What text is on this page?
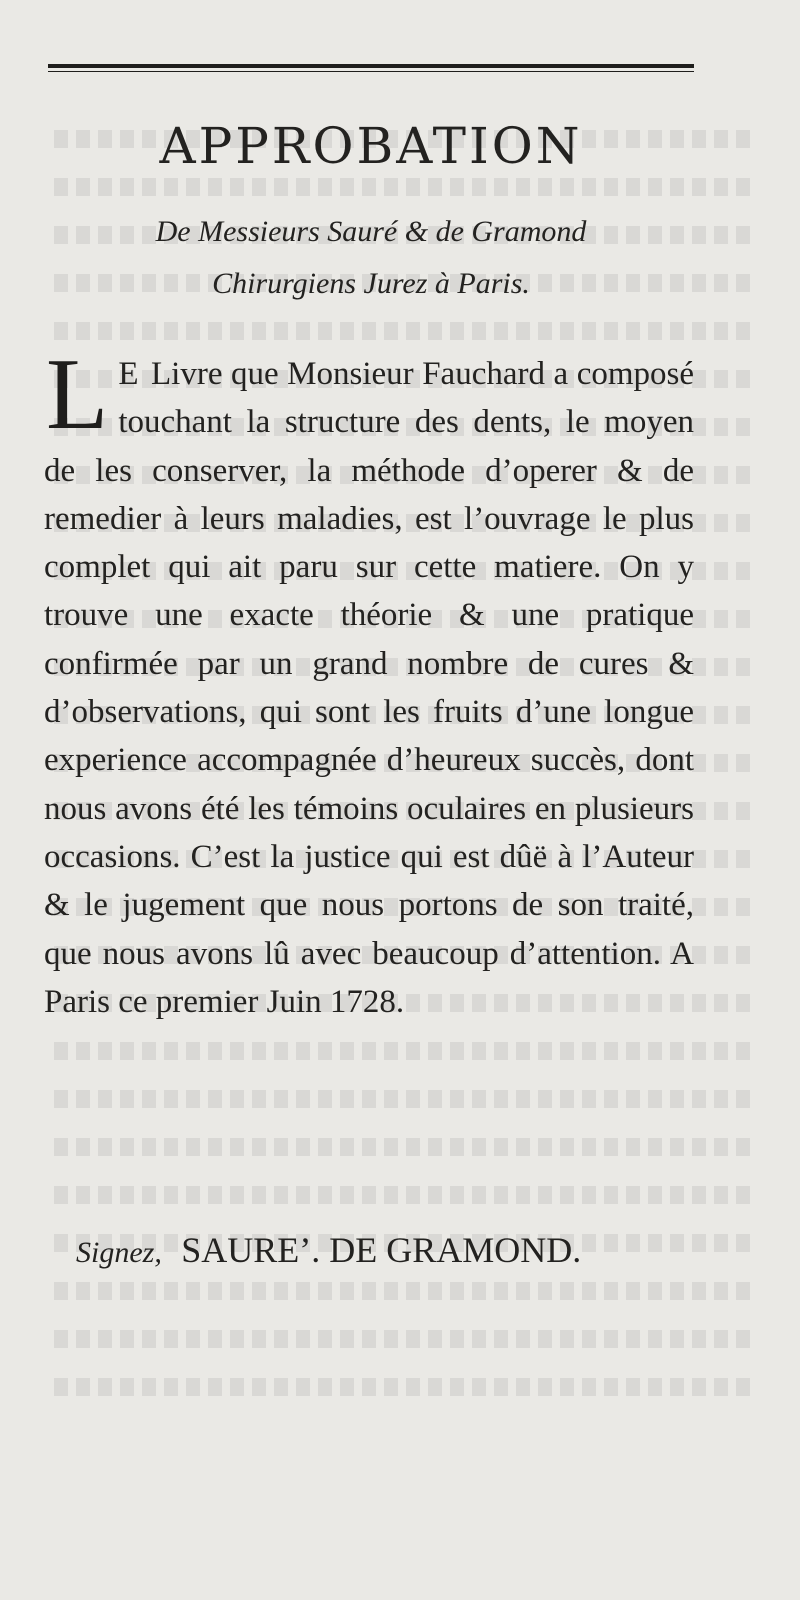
APPROBATION
De Messieurs Sauré & de Gramond
Chirurgiens Jurez à Paris.
L E Livre que Monsieur Fauchard a composé touchant la structure des dents, le moyen de les conserver, la méthode d’operer & de remedier à leurs maladies, est l’ouvrage le plus complet qui ait paru sur cette matiere. On y trouve une exacte théorie & une pratique confirmée par un grand nombre de cures & d’observations, qui sont les fruits d’une longue experience accompagnée d’heureux succès, dont nous avons été les témoins oculaires en plusieurs occasions. C’est la justice qui est dûë à l’Auteur & le jugement que nous portons de son traité, que nous avons lû avec beaucoup d’attention. A Paris ce premier Juin 1728.
Signez, SAURE’. DE GRAMOND.
